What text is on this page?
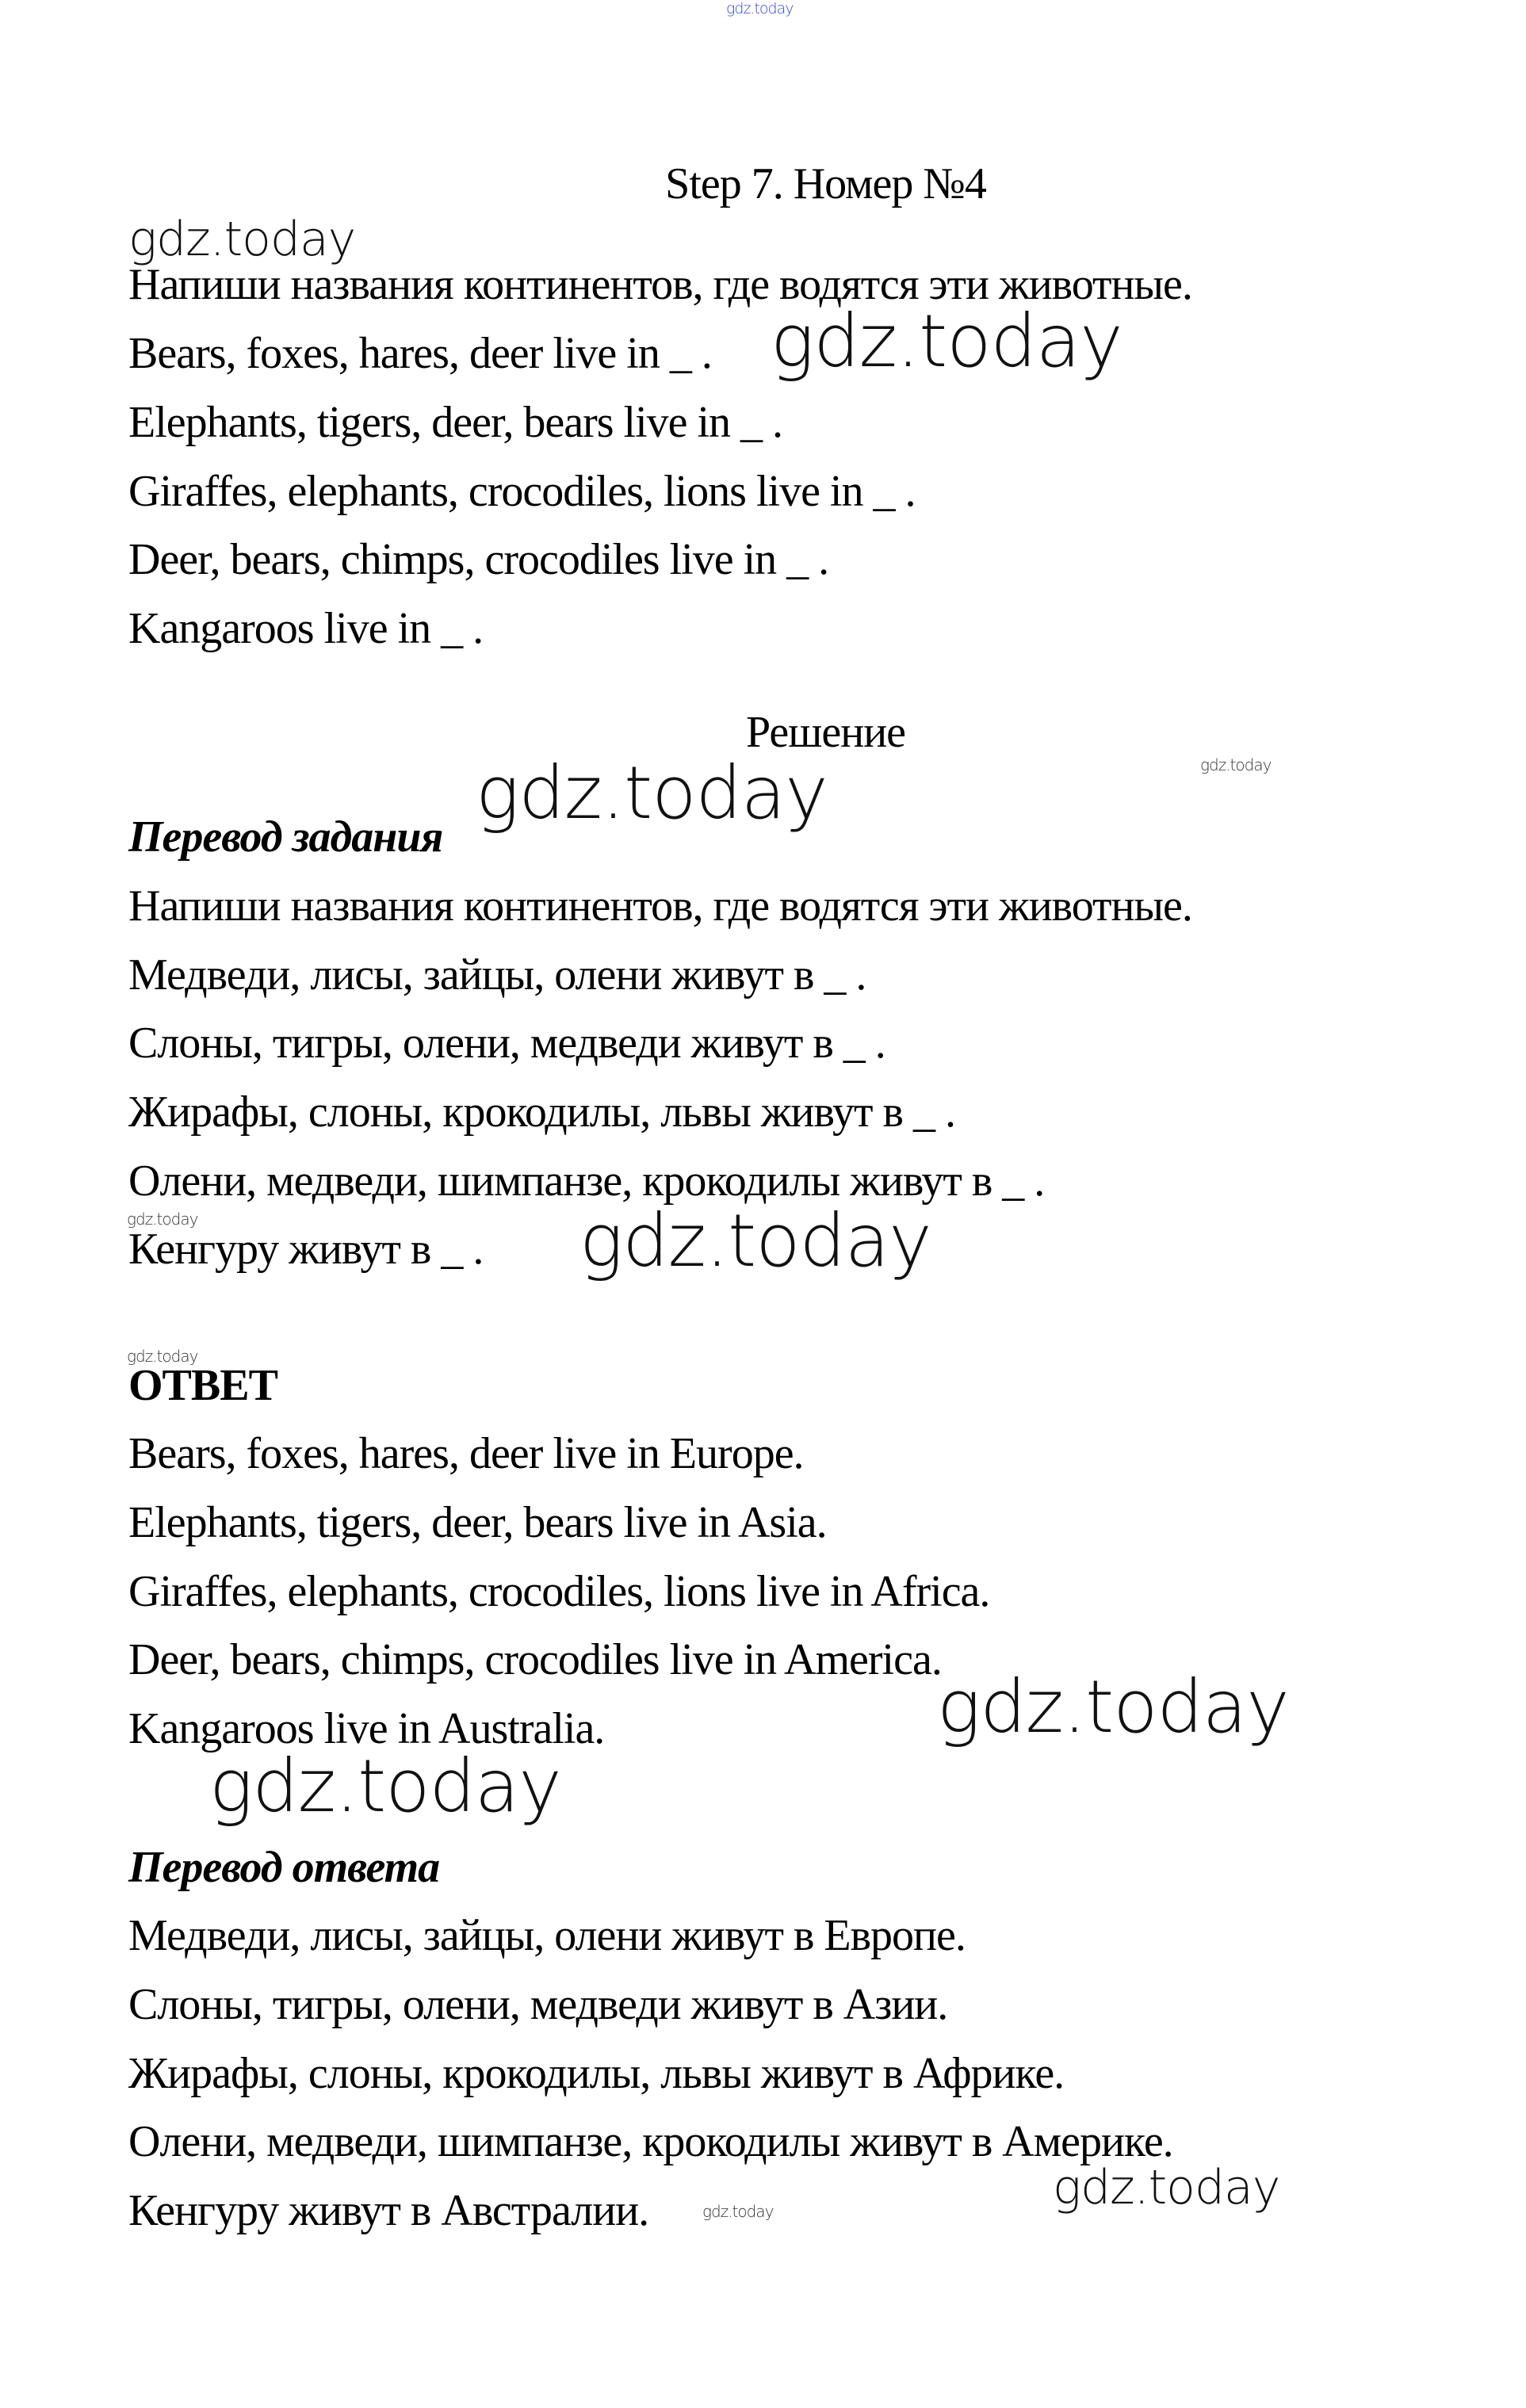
gdz.today
Step 7. Номер №4
gdz.today
Напиши названия континентов, где водятся эти животные.
Bears, foxes, hares, deer live in _ . gdz.today
Elephants, tigers, deer, bears live in _ .
Giraffes, elephants, crocodiles, lions live in _ .
Deer, bears, chimps, crocodiles live in _ .
Kangaroos live in _ .
Решение
gdz.today
gdz.today
Перевод задания
Напиши названия континентов, где водятся эти животные.
Медведи, лисы, зайцы, олени живут в _ .
Слоны, тигры, олени, медведи живут в _ .
Жирафы, слоны, крокодилы, львы живут в _ .
Олени, медведи, шимпанзе, крокодилы живут в _ .
gdz.today
Кенгуру живут в _ . gdz.today
gdz.today
ОТВЕТ
Bears, foxes, hares, deer live in Europe.
Elephants, tigers, deer, bears live in Asia.
Giraffes, elephants, crocodiles, lions live in Africa.
Deer, bears, chimps, crocodiles live in America.
Kangaroos live in Australia.	gdz.today
gdz.today
Перевод ответа
Медведи, лисы, зайцы, олени живут в Европе.
Слоны, тигры, олени, медведи живут в Азии.
Жирафы, слоны, крокодилы, львы живут в Африке.
Олени, медведи, шимпанзе, крокодилы живут в Америке.
Кенгуру живут в Австралии.	gdz.today	gdz.today
